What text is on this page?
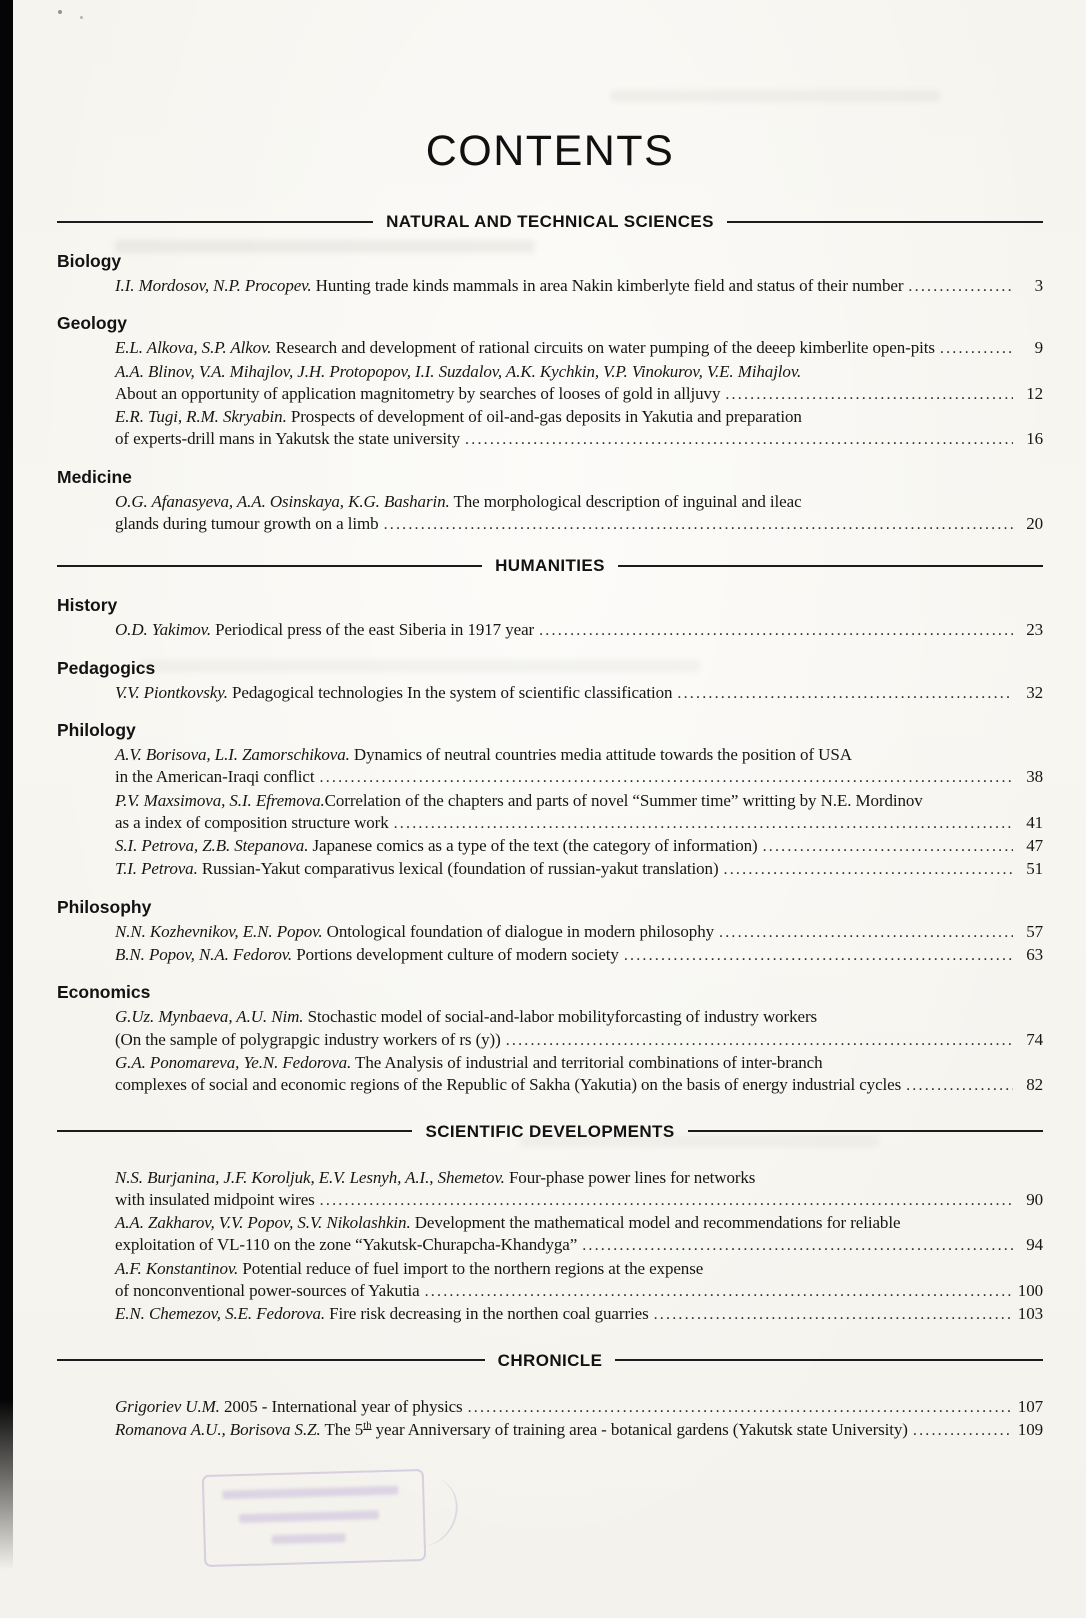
CONTENTS
NATURAL AND TECHNICAL SCIENCES
Biology
I.I. Mordosov, N.P. Procopev. Hunting trade kinds mammals in area Nakin kimberlyte field and status of their number .....	3
Geology
E.L. Alkova, S.P. Alkov. Research and development of rational circuits on water pumping of the deeep kimberlite open-pits .....	9
A.A. Blinov, V.A. Mihajlov, J.H. Protopopov, I.I. Suzdalov, A.K. Kychkin, V.P. Vinokurov, V.E. Mihajlov.
About an opportunity of application magnitometry by searches of looses of gold in alljuvy .....	12
E.R. Tugi, R.M. Skryabin. Prospects of development of oil-and-gas deposits in Yakutia and preparation
of experts-drill mans in Yakutsk the state university .....	16
Medicine
O.G. Afanasyeva, A.A. Osinskaya, K.G. Basharin. The morphological description of inguinal and ileac
glands during tumour growth on a limb .....	20
HUMANITIES
History
O.D. Yakimov. Periodical press of the east Siberia in 1917 year .....	23
Pedagogics
V.V. Piontkovsky. Pedagogical technologies In the system of scientific classification .....	32
Philology
A.V. Borisova, L.I. Zamorschikova. Dynamics of neutral countries media attitude towards the position of USA
in the American-Iraqi conflict .....	38
P.V. Maxsimova, S.I. Efremova.Correlation of the chapters and parts of novel “Summer time” writting by N.E. Mordinov
as a index of composition structure work .....	41
S.I. Petrova, Z.B. Stepanova. Japanese comics as a type of the text (the category of information) .....	47
T.I. Petrova. Russian-Yakut comparativus lexical (foundation of russian-yakut translation) .....	51
Philosophy
N.N. Kozhevnikov, E.N. Popov. Ontological foundation of dialogue in modern philosophy .....	57
B.N. Popov, N.A. Fedorov. Portions development culture of modern society .....	63
Economics
G.Uz. Mynbaeva, A.U. Nim. Stochastic model of social-and-labor mobilityforcasting of industry workers
(On the sample of polygrapgic industry workers of rs (y)) .....	74
G.A. Ponomareva, Ye.N. Fedorova. The Analysis of industrial and territorial combinations of inter-branch
complexes of social and economic regions of the Republic of Sakha (Yakutia) on the basis of energy industrial cycles .....	82
SCIENTIFIC DEVELOPMENTS
N.S. Burjanina, J.F. Koroljuk, E.V. Lesnyh, A.I., Shemetov. Four-phase power lines for networks
with insulated midpoint wires .....	90
A.A. Zakharov, V.V. Popov, S.V. Nikolashkin. Development the mathematical model and recommendations for reliable
exploitation of VL-110 on the zone “Yakutsk-Churapcha-Khandyga” .....	94
A.F. Konstantinov. Potential reduce of fuel import to the northern regions at the expense
of nonconventional power-sources of Yakutia .....	100
E.N. Chemezov, S.E. Fedorova. Fire risk decreasing in the northen coal guarries .....	103
CHRONICLE
Grigoriev U.M. 2005 - International year of physics .....	107
Romanova A.U., Borisova S.Z. The 5th year Anniversary of training area - botanical gardens (Yakutsk state University) .....	109
